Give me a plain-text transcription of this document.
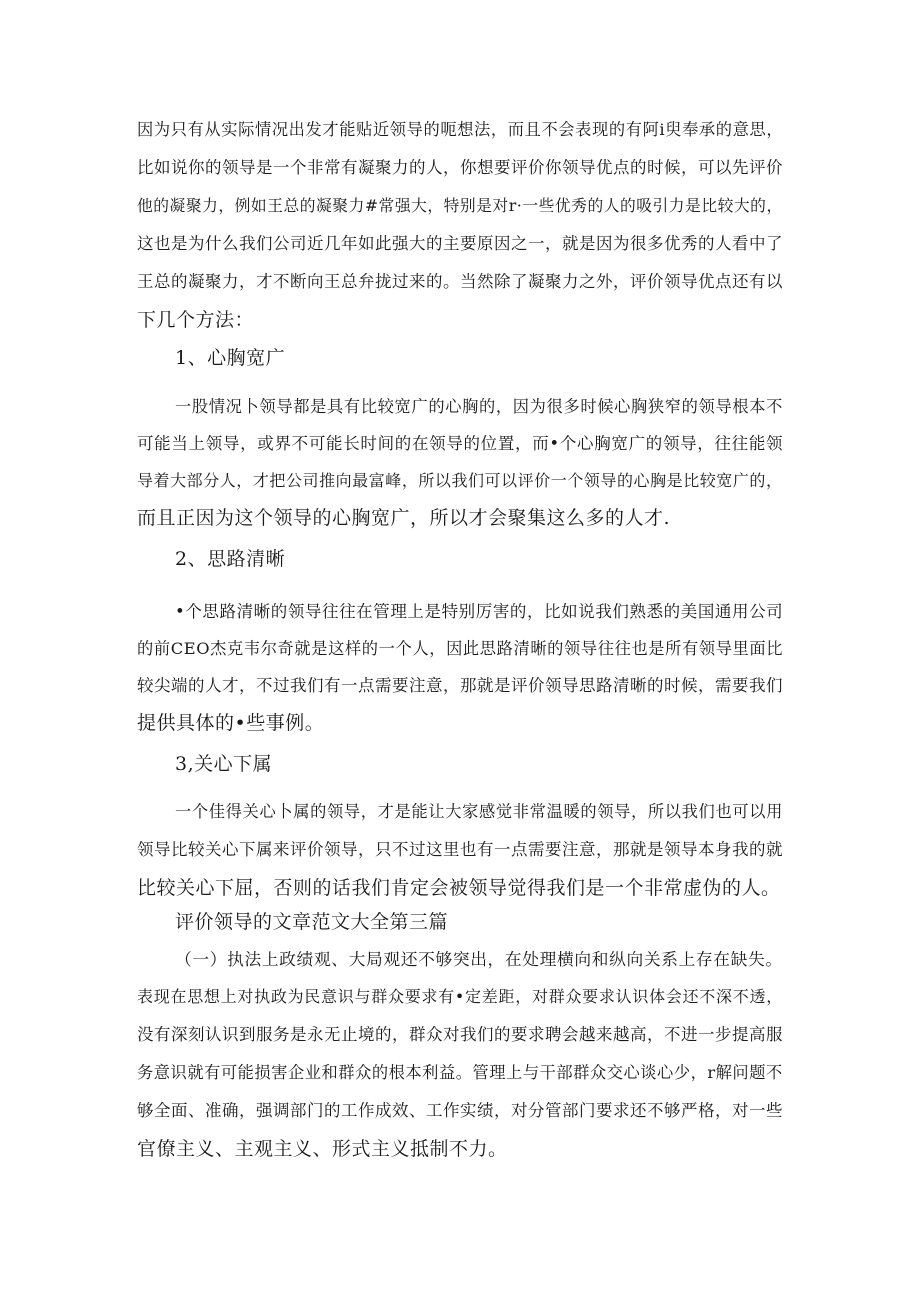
因为只有从实际情况出发才能贴近领导的呃想法，而且不会表现的有阿i臾奉承的意思，
比如说你的领导是一个非常有凝聚力的人，你想要评价你领导优点的时候，可以先评价
他的凝聚力，例如王总的凝聚力#常强大，特别是对r·一些优秀的人的吸引力是比较大的，
这也是为什么我们公司近几年如此强大的主要原因之一，就是因为很多优秀的人看中了
王总的凝聚力，才不断向王总弁拢过来的。当然除了凝聚力之外，评价领导优点还有以
下几个方法：
1、心胸宽广
一股情况卜领导都是具有比较宽广的心胸的，因为很多时候心胸狭窄的领导根本不
可能当上领导，或界不可能长时间的在领导的位置，而•个心胸宽广的领导，往往能领
导着大部分人，才把公司推向最富峰，所以我们可以评价一个领导的心胸是比较宽广的，
而且正因为这个领导的心胸宽广，所以才会聚集这么多的人才.
2、思路清晰
•个思路清晰的领导往往在管理上是特别厉害的，比如说我们熟悉的美国通用公司
的前CEO杰克韦尔奇就是这样的一个人，因此思路清晰的领导往往也是所有领导里面比
较尖端的人才，不过我们有一点需要注意，那就是评价领导思路清晰的时候，需要我们
提供具体的•些事例。
3,关心下属
一个佳得关心卜属的领导，才是能让大家感觉非常温暖的领导，所以我们也可以用
领导比较关心下属来评价领导，只不过这里也有一点需要注意，那就是领导本身我的就
比较关心下屈，否则的话我们肯定会被领导觉得我们是一个非常虚伪的人。
评价领导的文章范文大全第三篇
（一）执法上政绩观、大局观还不够突出，在处理横向和纵向关系上存在缺失。
表现在思想上对执政为民意识与群众要求有•定差距，对群众要求认识体会还不深不透，
没有深刻认识到服务是永无止境的，群众对我们的要求聘会越来越高，不进一步提高服
务意识就有可能损害企业和群众的根本利益。管理上与干部群众交心谈心少，r解问题不
够全面、准确，强调部门的工作成效、工作实绩，对分管部门要求还不够严格，对一些
官僚主义、主观主义、形式主义抵制不力。
